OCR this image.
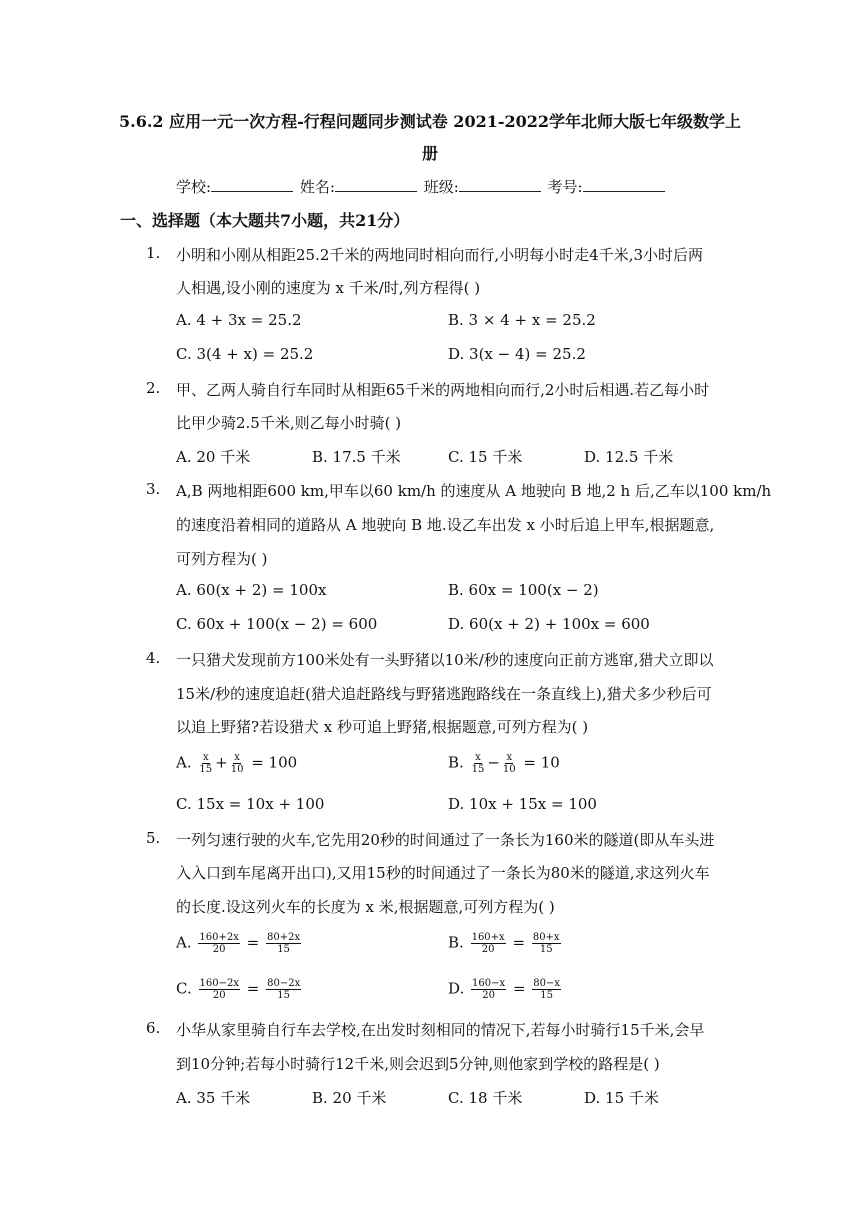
5.6.2 应用一元一次方程-行程问题同步测试卷 2021-2022学年北师大版七年级数学上
册
学校:	姓名:	班级:	考号:
一、选择题（本大题共7小题，共21分）
1. 小明和小刚从相距25.2千米的两地同时相向而行,小明每小时走4千米,3小时后两
人相遇,设小刚的速度为 x 千米/时,列方程得( )
A. 4 + 3x = 25.2	B. 3 × 4 + x = 25.2
C. 3(4 + x) = 25.2	D. 3(x − 4) = 25.2
2. 甲、乙两人骑自行车同时从相距65千米的两地相向而行,2小时后相遇.若乙每小时
比甲少骑2.5千米,则乙每小时骑( )
A. 20 千米	B. 17.5 千米	C. 15 千米	D. 12.5 千米
3. A,B 两地相距600 km,甲车以60 km/h 的速度从 A 地驶向 B 地,2 h 后,乙车以100 km/h
的速度沿着相同的道路从 A 地驶向 B 地.设乙车出发 x 小时后追上甲车,根据题意,
可列方程为( )
A. 60(x + 2) = 100x	B. 60x = 100(x − 2)
C. 60x + 100(x − 2) = 600	D. 60(x + 2) + 100x = 600
4. 一只猎犬发现前方100米处有一头野猪以10米/秒的速度向正前方逃窜,猎犬立即以
15米/秒的速度追赶(猎犬追赶路线与野猪逃跑路线在一条直线上),猎犬多少秒后可
以追上野猪?若设猎犬 x 秒可追上野猪,根据题意,可列方程为( )
A. $\frac{x}{15} + \frac{x}{10} = 100$	B. $\frac{x}{15} - \frac{x}{10} = 10$
C. 15x = 10x + 100	D. 10x + 15x = 100
5. 一列匀速行驶的火车,它先用20秒的时间通过了一条长为160米的隧道(即从车头进
入入口到车尾离开出口),又用15秒的时间通过了一条长为80米的隧道,求这列火车
的长度.设这列火车的长度为 x 米,根据题意,可列方程为( )
A. $\frac{160+2x}{20} = \frac{80+2x}{15}$	B. $\frac{160+x}{20} = \frac{80+x}{15}$
C. $\frac{160-2x}{20} = \frac{80-2x}{15}$	D. $\frac{160-x}{20} = \frac{80-x}{15}$
6. 小华从家里骑自行车去学校,在出发时刻相同的情况下,若每小时骑行15千米,会早
到10分钟;若每小时骑行12千米,则会迟到5分钟,则他家到学校的路程是( )
A. 35 千米	B. 20 千米	C. 18 千米	D. 15 千米
